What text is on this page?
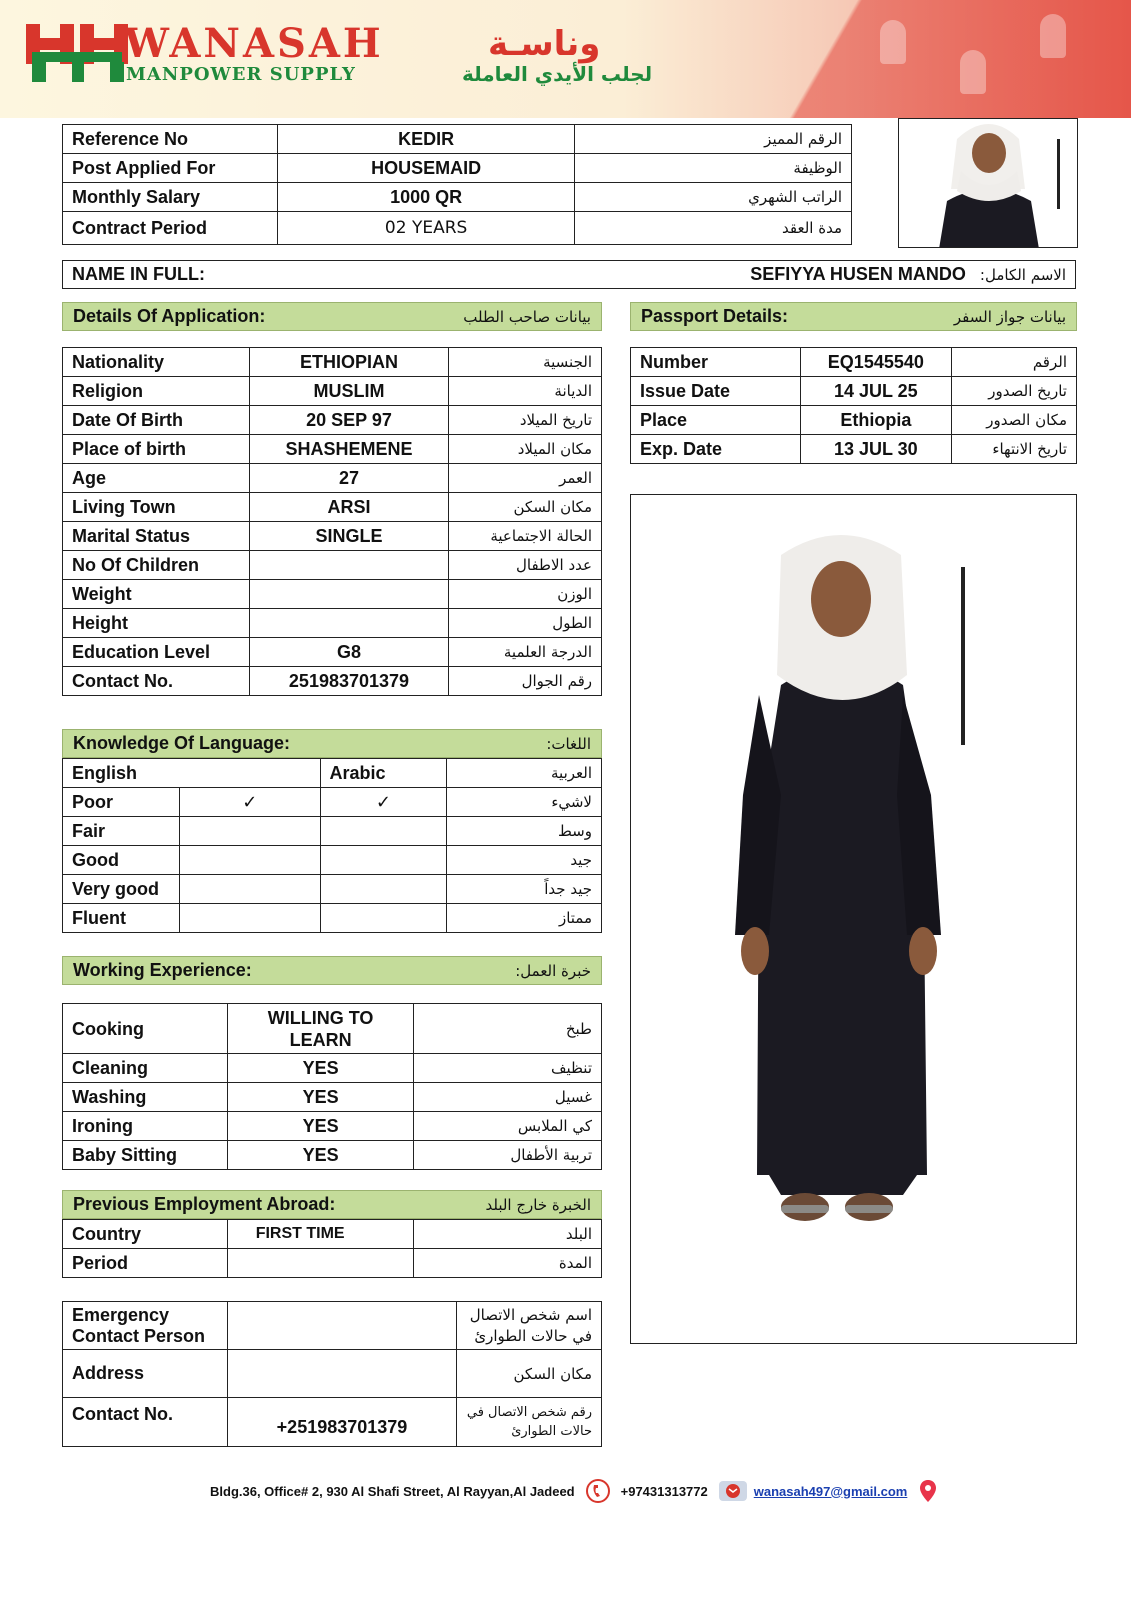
WANASAH	وناسـة
MANPOWER SUPPLY	لجلب الأيدي العاملة
Reference No	KEDIR	الرقم المميز
Post Applied For	HOUSEMAID	الوظيفة
Monthly Salary	1000 QR	الراتب الشهري
Contract Period	02 YEARS	مدة العقد
NAME IN FULL:	SEFIYYA HUSEN MANDO الاسم الكامل:
Details Of Application:	بيانات صاحب الطلب
Nationality	ETHIOPIAN	الجنسية
Religion	MUSLIM	الديانة
Date Of Birth	20 SEP 97	تاريخ الميلاد
Place of birth	SHASHEMENE	مكان الميلاد
Age	27	العمر
Living Town	ARSI	مكان السكن
Marital Status	SINGLE	الحالة الاجتماعية
No Of Children		عدد الاطفال
Weight		الوزن
Height		الطول
Education Level	G8	الدرجة العلمية
Contact No.	251983701379	رقم الجوال
Passport Details:	بيانات جواز السفر
Number	EQ1545540	الرقم
Issue Date	14 JUL 25	تاريخ الصدور
Place	Ethiopia	مكان الصدور
Exp. Date	13 JUL 30	تاريخ الانتهاء
Knowledge Of Language:	اللغات:
English		Arabic	العربية
Poor	✓	✓	لاشيء
Fair			وسط
Good			جيد
Very good			جيد جداً
Fluent			ممتاز
Working Experience:	خبرة العمل:
Cooking	WILLING TO LEARN	طبخ
Cleaning	YES	تنظيف
Washing	YES	غسيل
Ironing	YES	كي الملابس
Baby Sitting	YES	تربية الأطفال
Previous Employment Abroad:	الخبرة خارج البلد
Country	FIRST TIME	البلد
Period		المدة
Emergency Contact Person		اسم شخص الاتصال في حالات الطوارئ
Address		مكان السكن
Contact No.	+251983701379	رقم شخص الاتصال في حالات الطوارئ
Bldg.36, Office# 2, 930 Al Shafi Street, Al Rayyan,Al Jadeed	+97431313772	wanasah497@gmail.com
